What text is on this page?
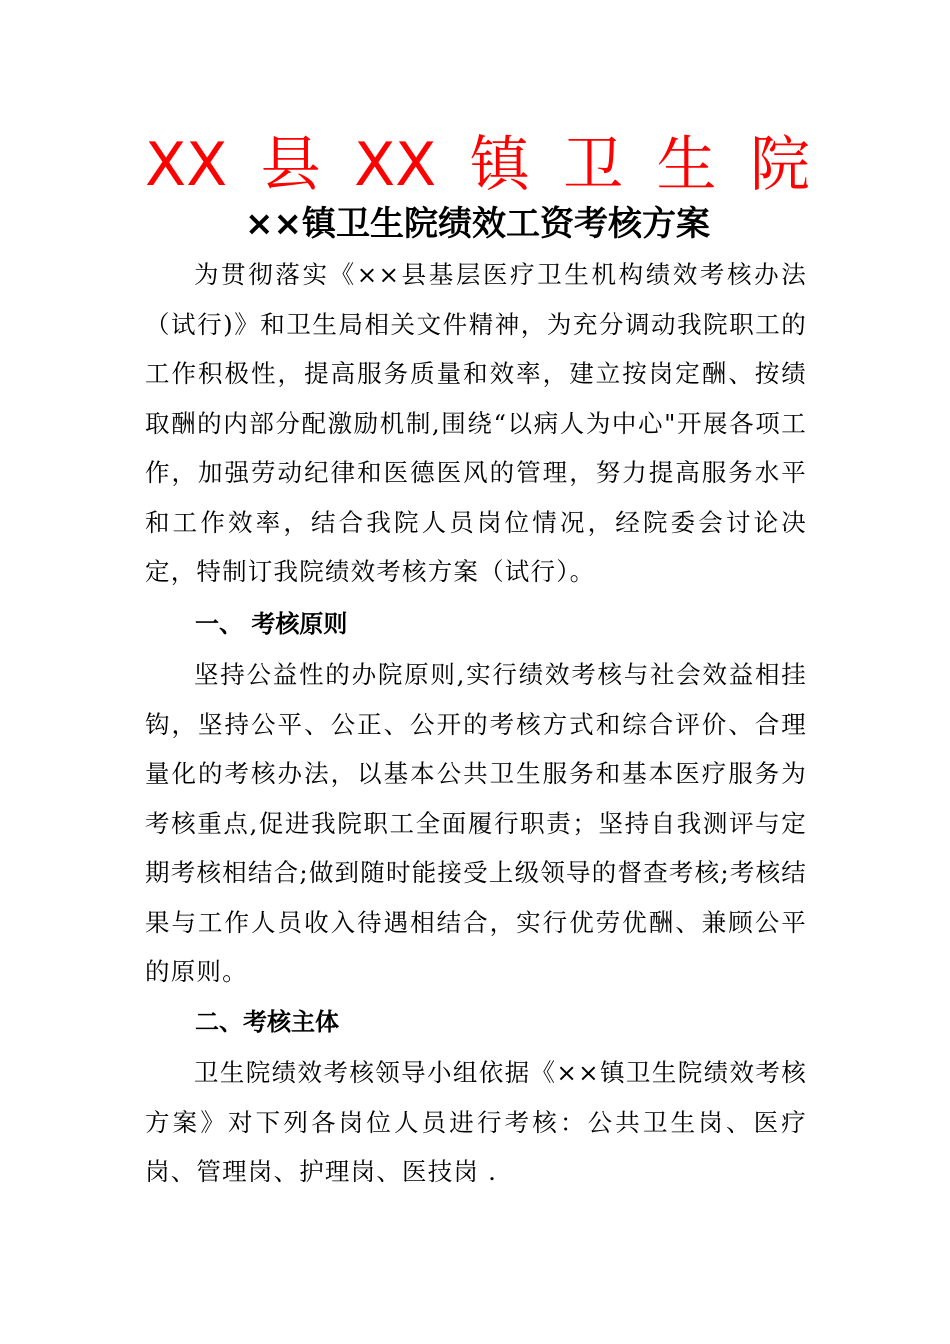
XX 县 XX 镇 卫 生 院
××镇卫生院绩效工资考核方案

为贯彻落实《××县基层医疗卫生机构绩效考核办法（试行)》和卫生局相关文件精神，为充分调动我院职工的工作积极性，提高服务质量和效率，建立按岗定酬、按绩取酬的内部分配激励机制,围绕“以病人为中心"开展各项工作，加强劳动纪律和医德医风的管理，努力提高服务水平和工作效率，结合我院人员岗位情况，经院委会讨论决定，特制订我院绩效考核方案（试行）。

一、 考核原则

坚持公益性的办院原则,实行绩效考核与社会效益相挂钩，坚持公平、公正、公开的考核方式和综合评价、合理量化的考核办法，以基本公共卫生服务和基本医疗服务为考核重点,促进我院职工全面履行职责；坚持自我测评与定期考核相结合;做到随时能接受上级领导的督查考核;考核结果与工作人员收入待遇相结合，实行优劳优酬、兼顾公平的原则。

二、考核主体

卫生院绩效考核领导小组依据《××镇卫生院绩效考核方案》对下列各岗位人员进行考核：公共卫生岗、医疗岗、管理岗、护理岗、医技岗 .
